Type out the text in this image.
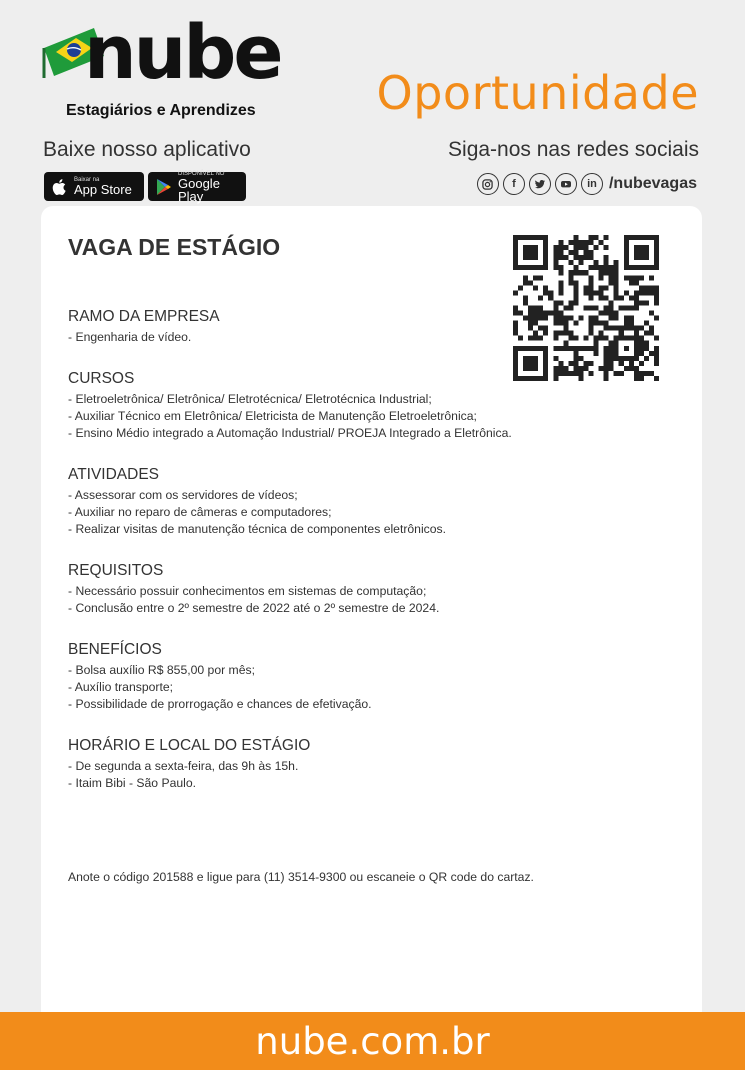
nube
Estagiários e Aprendizes	Oportunidade
Baixe nosso aplicativo	Siga-nos nas redes sociais
Baixar na
App Store
DISPONÍVEL NO
Google Play
f	in /nubevagas
VAGA DE ESTÁGIO
RAMO DA EMPRESA
- Engenharia de vídeo.
CURSOS
- Eletroeletrônica/ Eletrônica/ Eletrotécnica/ Eletrotécnica Industrial;
- Auxiliar Técnico em Eletrônica/ Eletricista de Manutenção Eletroeletrônica;
- Ensino Médio integrado a Automação Industrial/ PROEJA Integrado a Eletrônica.
ATIVIDADES
- Assessorar com os servidores de vídeos;
- Auxiliar no reparo de câmeras e computadores;
- Realizar visitas de manutenção técnica de componentes eletrônicos.
REQUISITOS
- Necessário possuir conhecimentos em sistemas de computação;
- Conclusão entre o 2º semestre de 2022 até o 2º semestre de 2024.
BENEFÍCIOS
- Bolsa auxílio R$ 855,00 por mês;
- Auxílio transporte;
- Possibilidade de prorrogação e chances de efetivação.
HORÁRIO E LOCAL DO ESTÁGIO
- De segunda a sexta-feira, das 9h às 15h.
- Itaim Bibi - São Paulo.
Anote o código 201588 e ligue para (11) 3514-9300 ou escaneie o QR code do cartaz.
nube.com.br
